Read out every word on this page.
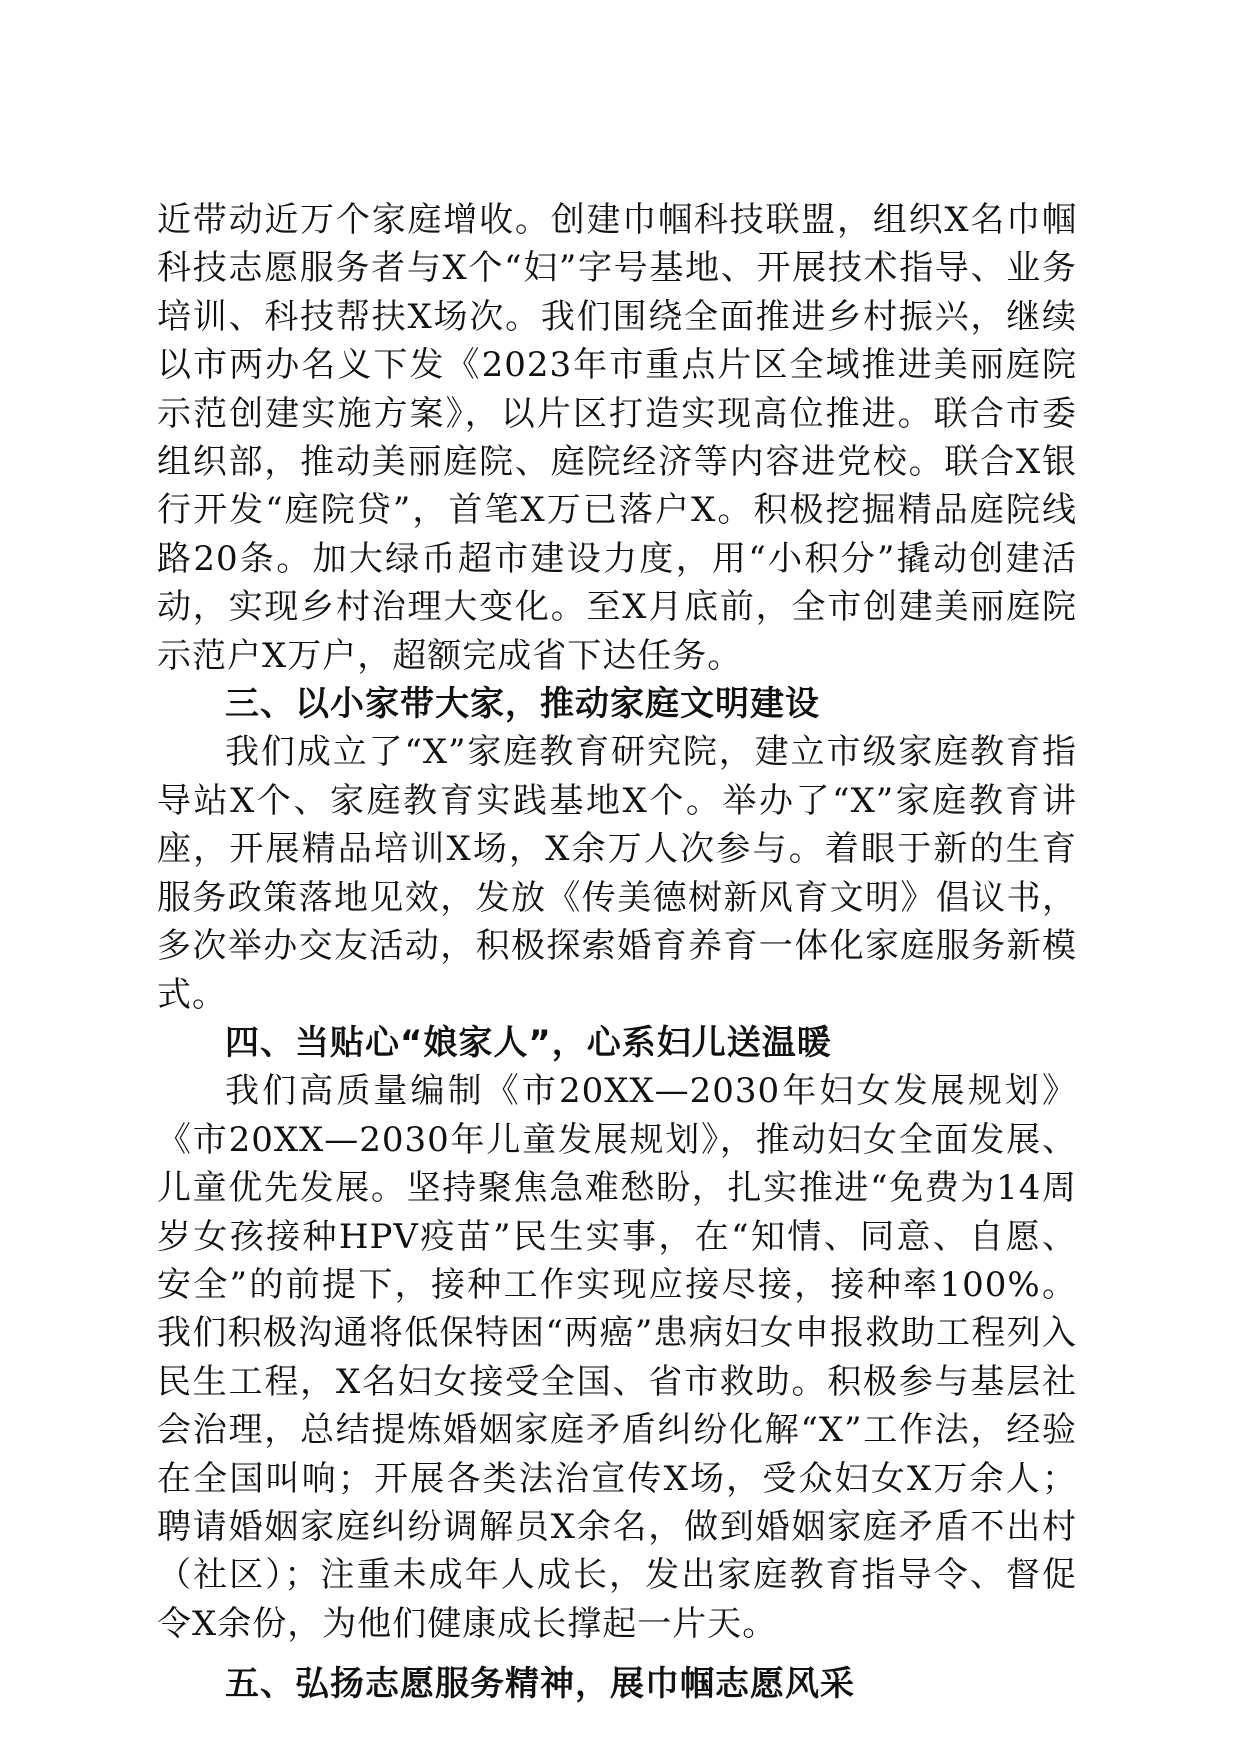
近带动近万个家庭增收。创建巾帼科技联盟，组织X名巾帼科技志愿服务者与X个“妇”字号基地、开展技术指导、业务培训、科技帮扶X场次。我们围绕全面推进乡村振兴，继续以市两办名义下发《2023年市重点片区全域推进美丽庭院示范创建实施方案》，以片区打造实现高位推进。联合市委组织部，推动美丽庭院、庭院经济等内容进党校。联合X银行开发“庭院贷”，首笔X万已落户X。积极挖掘精品庭院线路20条。加大绿币超市建设力度，用“小积分”撬动创建活动，实现乡村治理大变化。至X月底前，全市创建美丽庭院示范户X万户，超额完成省下达任务。

三、以小家带大家，推动家庭文明建设

我们成立了“X”家庭教育研究院，建立市级家庭教育指导站X个、家庭教育实践基地X个。举办了“X”家庭教育讲座，开展精品培训X场，X余万人次参与。着眼于新的生育服务政策落地见效，发放《传美德树新风育文明》倡议书，多次举办交友活动，积极探索婚育养育一体化家庭服务新模式。

四、当贴心“娘家人”，心系妇儿送温暖

我们高质量编制《市20XX—2030年妇女发展规划》《市20XX—2030年儿童发展规划》，推动妇女全面发展、儿童优先发展。坚持聚焦急难愁盼，扎实推进“免费为14周岁女孩接种HPV疫苗”民生实事，在“知情、同意、自愿、安全”的前提下，接种工作实现应接尽接，接种率100%。我们积极沟通将低保特困“两癌”患病妇女申报救助工程列入民生工程，X名妇女接受全国、省市救助。积极参与基层社会治理，总结提炼婚姻家庭矛盾纠纷化解“X”工作法，经验在全国叫响；开展各类法治宣传X场，受众妇女X万余人；聘请婚姻家庭纠纷调解员X余名，做到婚姻家庭矛盾不出村（社区）；注重未成年人成长，发出家庭教育指导令、督促令X余份，为他们健康成长撑起一片天。

五、弘扬志愿服务精神，展巾帼志愿风采
